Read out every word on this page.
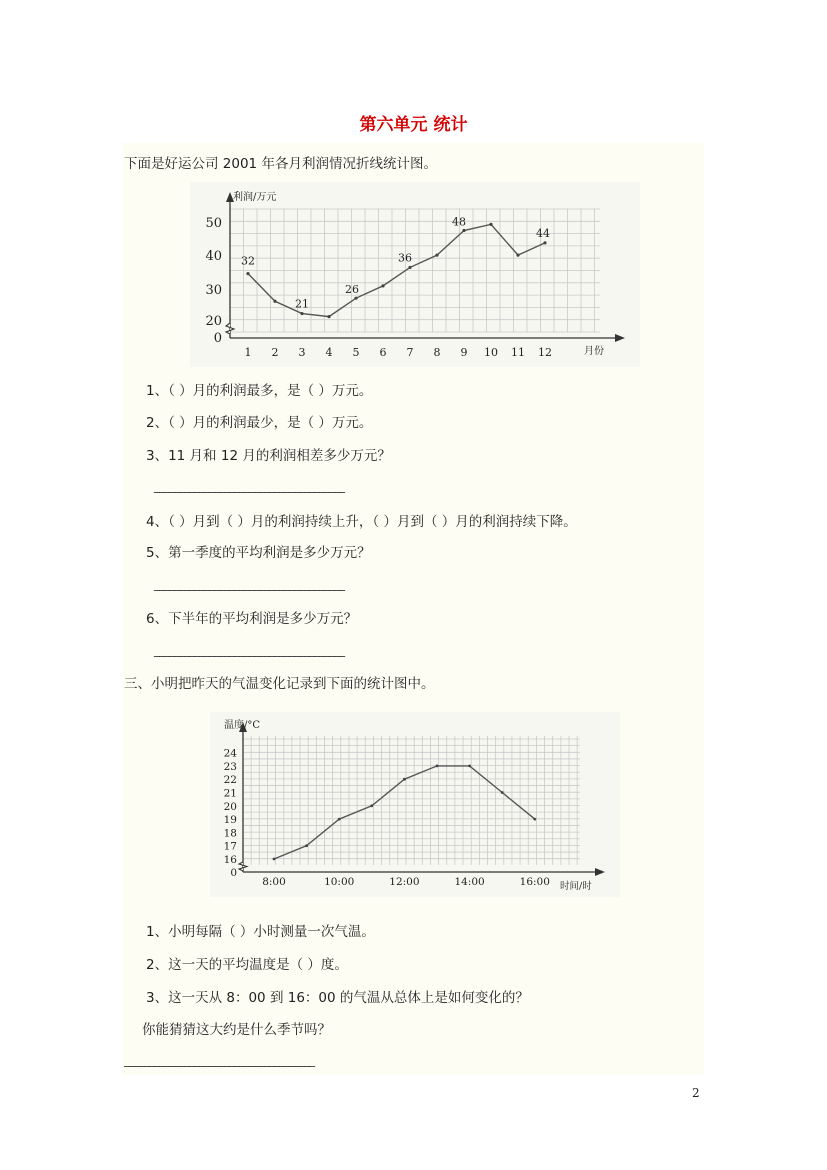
第六单元 统计
下面是好运公司 2001 年各月利润情况折线统计图。
利润/万元
月份
0
20
30
40
50
1 2 3 4 5 6 7 8 9 10 11 12
32
21
26
36
48
44
1、（ ）月的利润最多，是（ ）万元。
2、（ ）月的利润最少，是（ ）万元。
3、11 月和 12 月的利润相差多少万元？
______________________________________
4、（ ）月到（ ）月的利润持续上升，（ ）月到（ ）月的利润持续下降。
5、第一季度的平均利润是多少万元？
______________________________________
6、下半年的平均利润是多少万元？
______________________________________
三、小明把昨天的气温变化记录到下面的统计图中。
温度/°C
时间/时
0
16
17
18
19
20
21
22
23
24
8:00	10:00	12:00	14:00	16:00
1、小明每隔（ ）小时测量一次气温。
2、这一天的平均温度是（ ）度。
3、这一天从 8：00 到 16：00 的气温从总体上是如何变化的？
你能猜猜这大约是什么季节吗？
______________________________________
2
